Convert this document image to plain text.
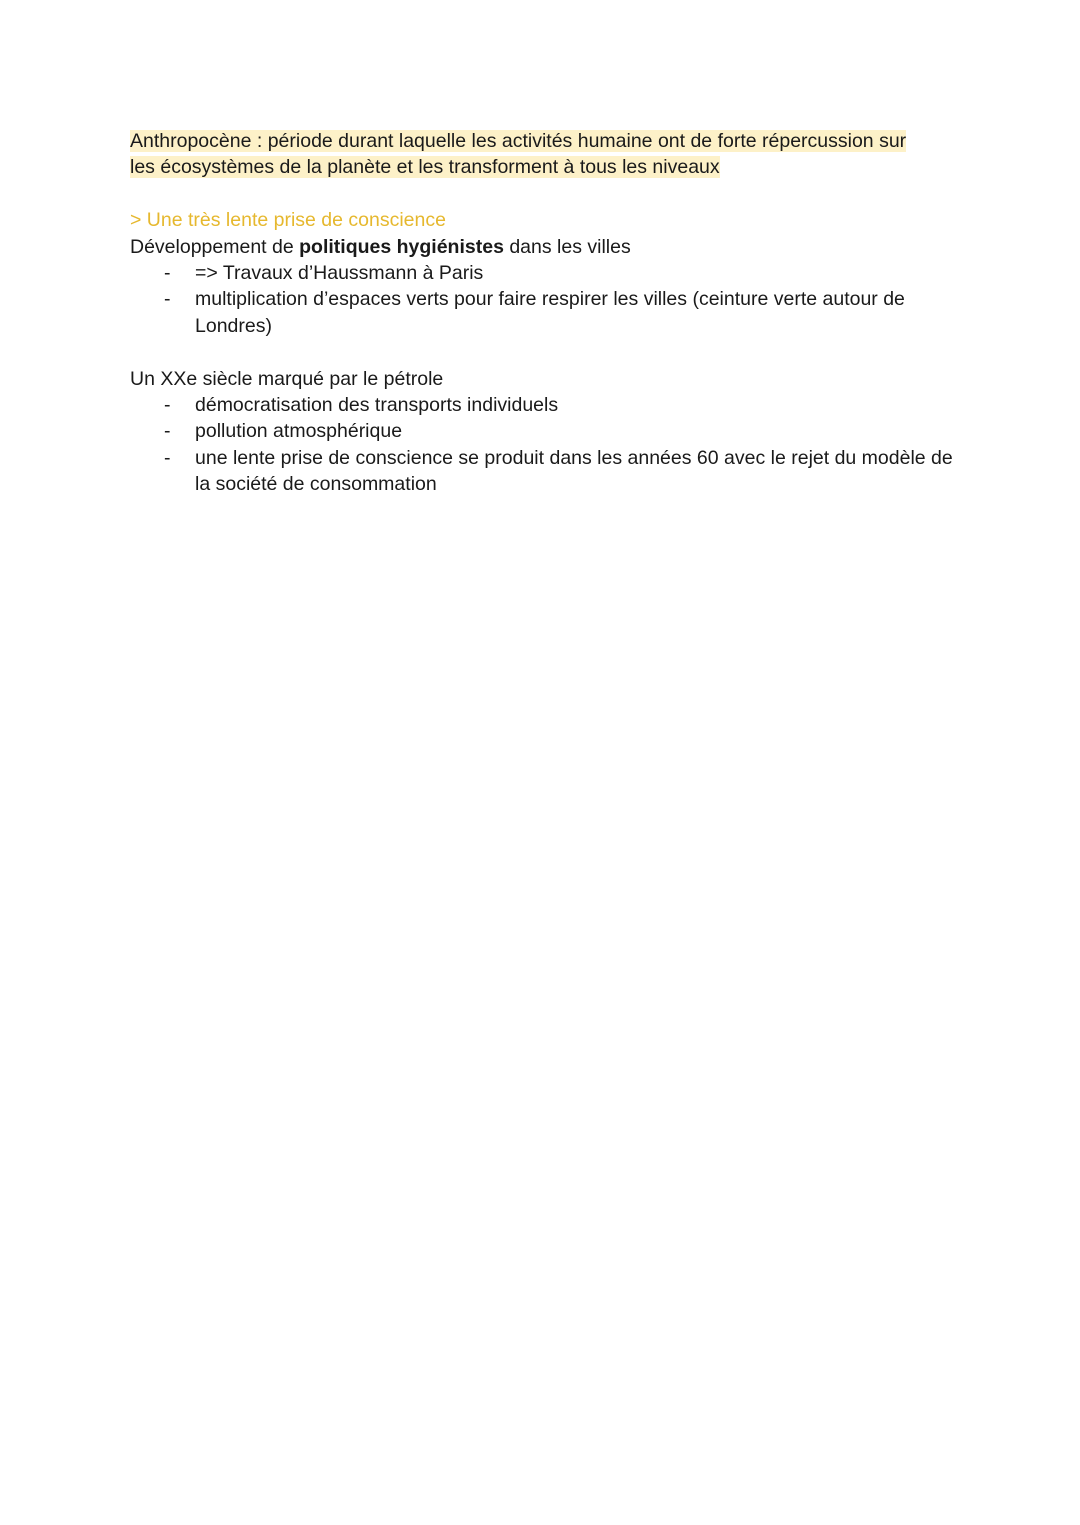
Anthropocène : période durant laquelle les activités humaine ont de forte répercussion sur les écosystèmes de la planète et les transforment à tous les niveaux

> Une très lente prise de conscience

Développement de politiques hygiénistes dans les villes

- => Travaux d’Haussmann à Paris
- multiplication d’espaces verts pour faire respirer les villes (ceinture verte autour de Londres)

Un XXe siècle marqué par le pétrole

- démocratisation des transports individuels
- pollution atmosphérique
- une lente prise de conscience se produit dans les années 60 avec le rejet du modèle de la société de consommation
